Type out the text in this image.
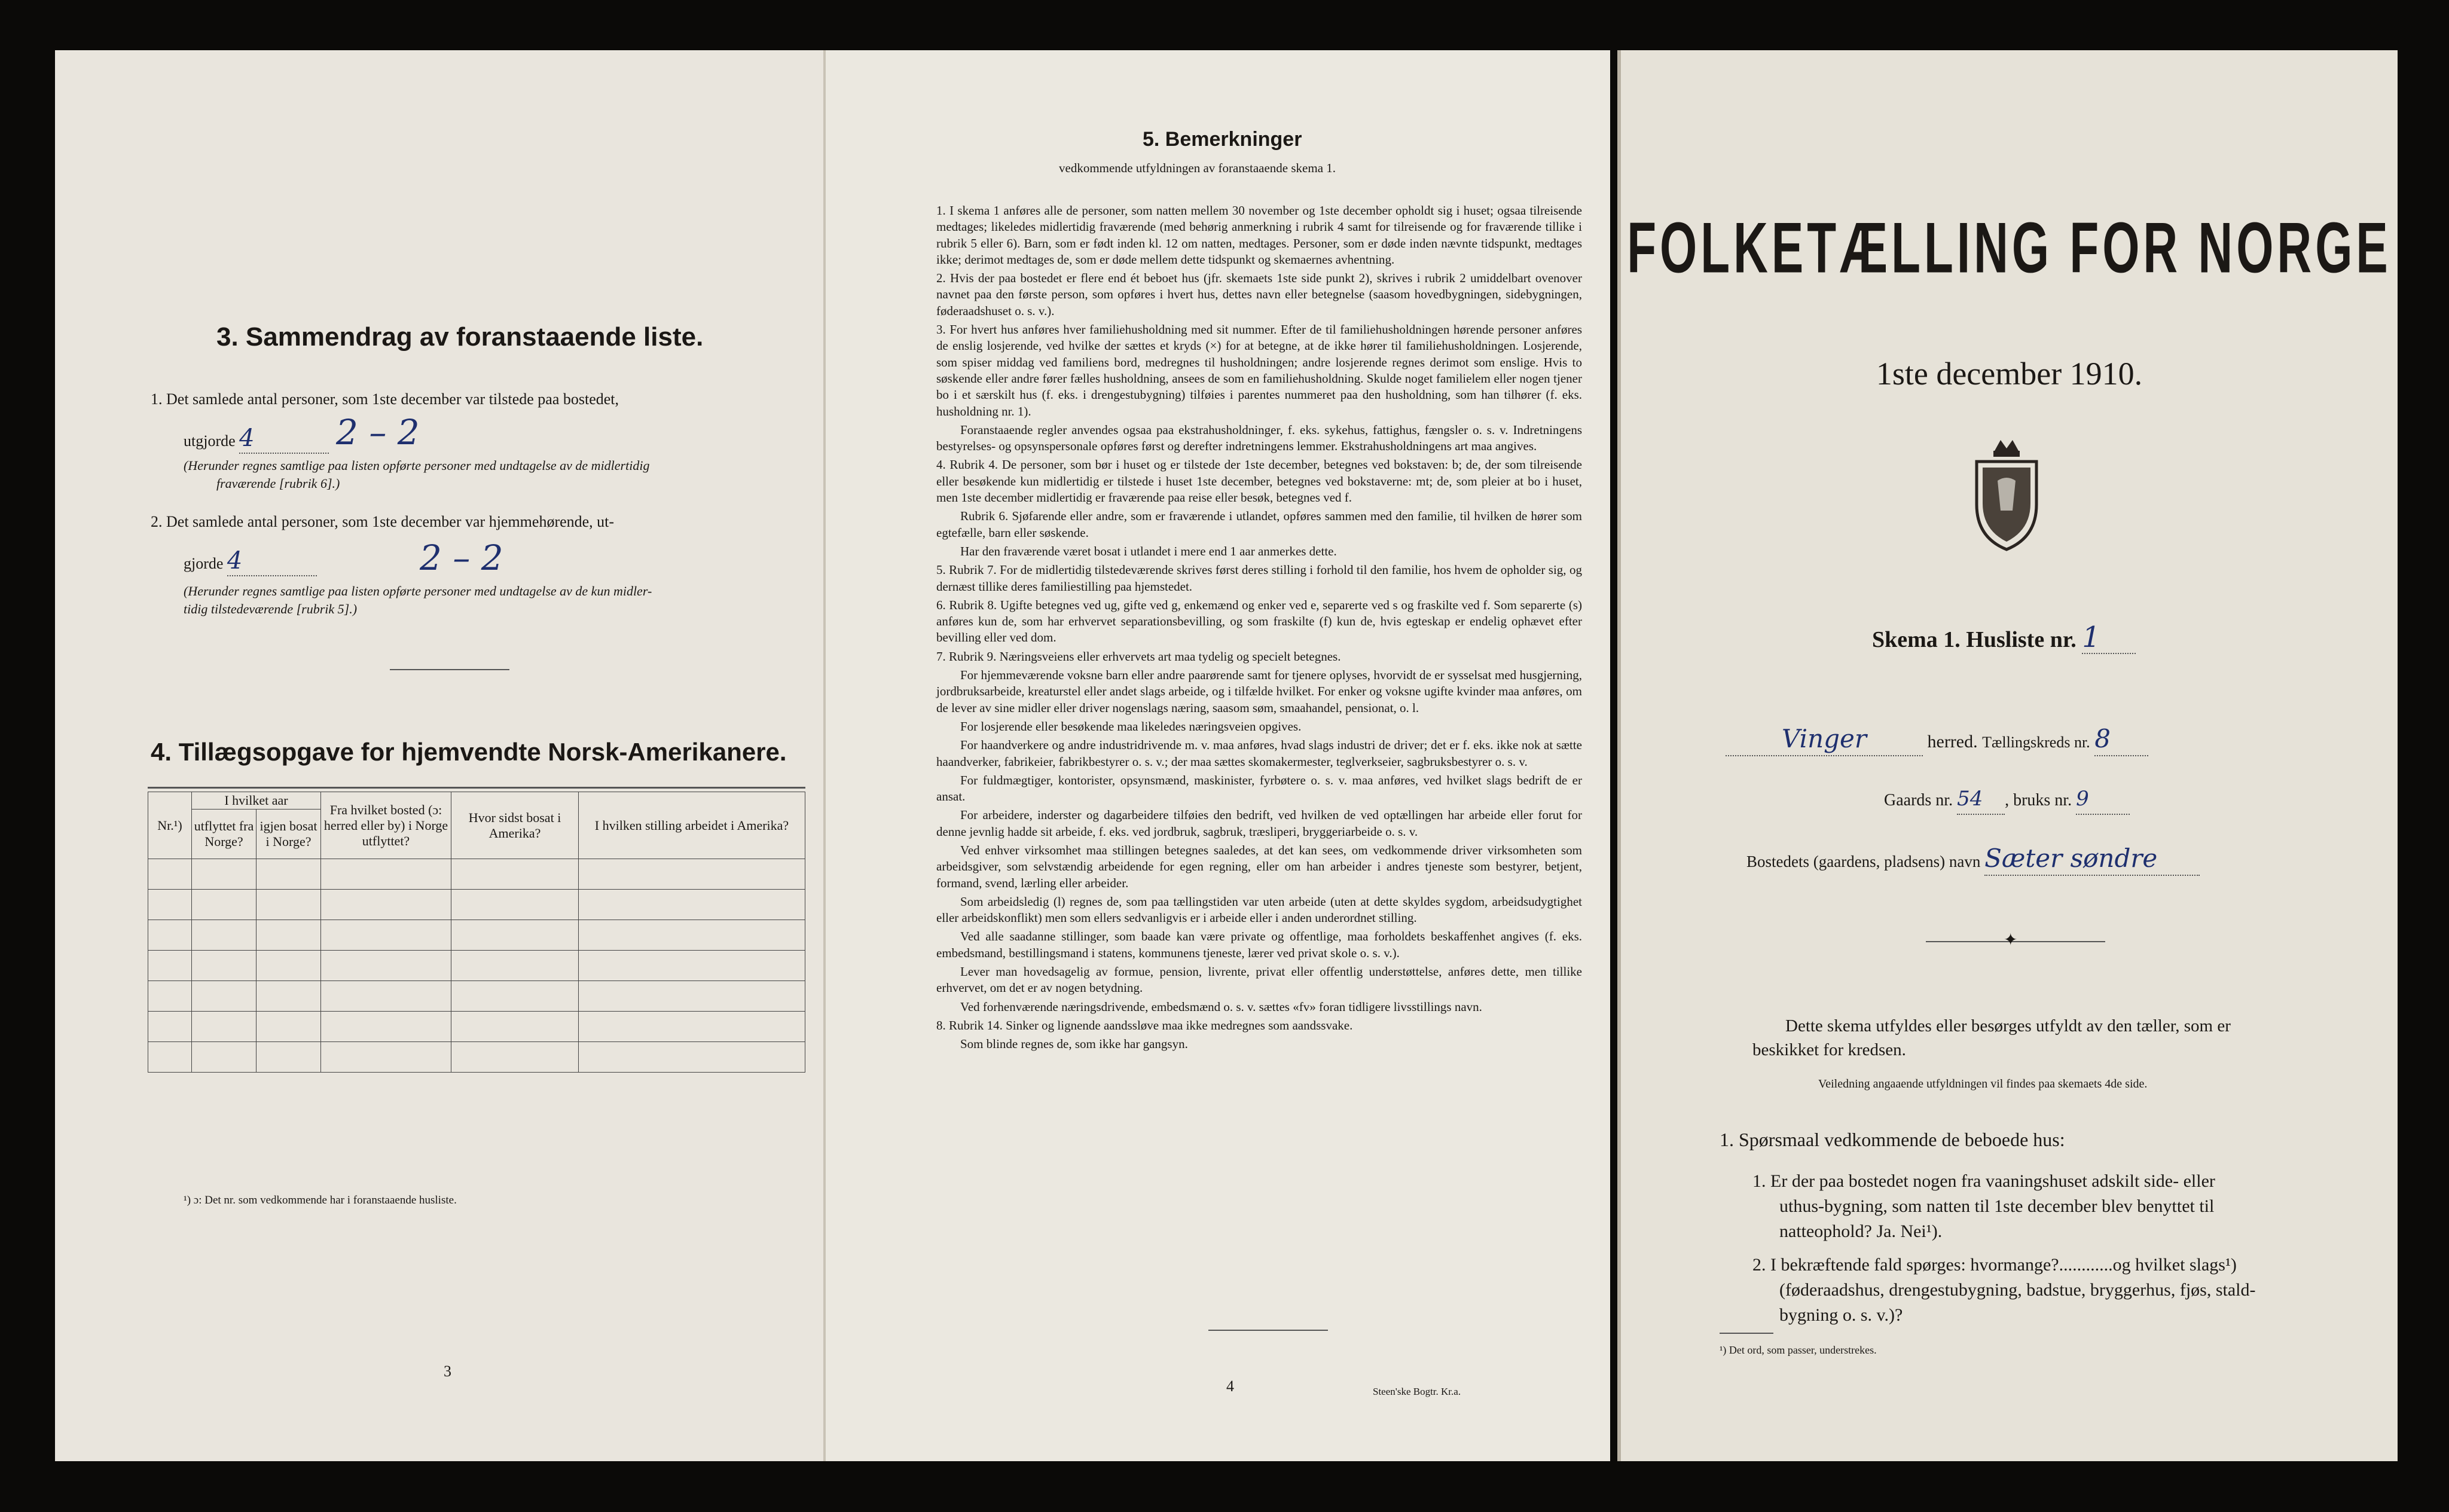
3. Sammendrag av foranstaaende liste.
1. Det samlede antal personer, som 1ste december var tilstede paa bostedet,
utgjorde 4	2 – 2
(Herunder regnes samtlige paa listen opførte personer med undtagelse av de midlertidig
fraværende [rubrik 6].)
2. Det samlede antal personer, som 1ste december var hjemmehørende, ut-
gjorde 4	2 – 2
(Herunder regnes samtlige paa listen opførte personer med undtagelse av de kun midler-
tidig tilstedeværende [rubrik 5].)
4. Tillægsopgave for hjemvendte Norsk-Amerikanere.
Nr.¹)	I hvilket aar		Fra hvilket bosted (ɔ: herred eller by) i Norge utflyttet?	Hvor sidst bosat i Amerika?	I hvilken stilling arbeidet i Amerika?
	utflyttet fra Norge?	igjen bosat i Norge?			

¹) ɔ: Det nr. som vedkommende har i foranstaaende husliste.
3
5. Bemerkninger
vedkommende utfyldningen av foranstaaende skema 1.

1. I skema 1 anføres alle de personer, som natten mellem 30 november og 1ste december opholdt sig i huset; ogsaa tilreisende medtages; likeledes midlertidig fraværende (med behørig anmerkning i rubrik 4 samt for tilreisende og for fraværende tillike i rubrik 5 eller 6). Barn, som er født inden kl. 12 om natten, medtages. Personer, som er døde inden nævnte tidspunkt, medtages ikke; derimot medtages de, som er døde mellem dette tidspunkt og skemaernes avhentning.

2. Hvis der paa bostedet er flere end ét beboet hus (jfr. skemaets 1ste side punkt 2), skrives i rubrik 2 umiddelbart ovenover navnet paa den første person, som opføres i hvert hus, dettes navn eller betegnelse (saasom hovedbygningen, sidebygningen, føderaadshuset o. s. v.).

3. For hvert hus anføres hver familiehusholdning med sit nummer. Efter de til familiehusholdningen hørende personer anføres de enslig losjerende, ved hvilke der sættes et kryds (×) for at betegne, at de ikke hører til familiehusholdningen. Losjerende, som spiser middag ved familiens bord, medregnes til husholdningen; andre losjerende regnes derimot som enslige. Hvis to søskende eller andre fører fælles husholdning, ansees de som en familiehusholdning. Skulde noget familielem eller nogen tjener bo i et særskilt hus (f. eks. i drengestubygning) tilføies i parentes nummeret paa den husholdning, som han tilhører (f. eks. husholdning nr. 1).

Foranstaaende regler anvendes ogsaa paa ekstrahusholdninger, f. eks. sykehus, fattighus, fængsler o. s. v. Indretningens bestyrelses- og opsynspersonale opføres først og derefter indretningens lemmer. Ekstrahusholdningens art maa angives.

4. Rubrik 4. De personer, som bør i huset og er tilstede der 1ste december, betegnes ved bokstaven: b; de, der som tilreisende eller besøkende kun midlertidig er tilstede i huset 1ste december, betegnes ved bokstaverne: mt; de, som pleier at bo i huset, men 1ste december midlertidig er fraværende paa reise eller besøk, betegnes ved f.

Rubrik 6. Sjøfarende eller andre, som er fraværende i utlandet, opføres sammen med den familie, til hvilken de hører som egtefælle, barn eller søskende.

Har den fraværende været bosat i utlandet i mere end 1 aar anmerkes dette.

5. Rubrik 7. For de midlertidig tilstedeværende skrives først deres stilling i forhold til den familie, hos hvem de opholder sig, og dernæst tillike deres familiestilling paa hjemstedet.

6. Rubrik 8. Ugifte betegnes ved ug, gifte ved g, enkemænd og enker ved e, separerte ved s og fraskilte ved f. Som separerte (s) anføres kun de, som har erhvervet separationsbevilling, og som fraskilte (f) kun de, hvis egteskap er endelig ophævet efter bevilling eller ved dom.

7. Rubrik 9. Næringsveiens eller erhvervets art maa tydelig og specielt betegnes.

For hjemmeværende voksne barn eller andre paarørende samt for tjenere oplyses, hvorvidt de er sysselsat med husgjerning, jordbruksarbeide, kreaturstel eller andet slags arbeide, og i tilfælde hvilket. For enker og voksne ugifte kvinder maa anføres, om de lever av sine midler eller driver nogenslags næring, saasom søm, smaahandel, pensionat, o. l.

For losjerende eller besøkende maa likeledes næringsveien opgives.

For haandverkere og andre industridrivende m. v. maa anføres, hvad slags industri de driver; det er f. eks. ikke nok at sætte haandverker, fabrikeier, fabrikbestyrer o. s. v.; der maa sættes skomakermester, teglverkseier, sagbruksbestyrer o. s. v.

For fuldmægtiger, kontorister, opsynsmænd, maskinister, fyrbøtere o. s. v. maa anføres, ved hvilket slags bedrift de er ansat.

For arbeidere, inderster og dagarbeidere tilføies den bedrift, ved hvilken de ved optællingen har arbeide eller forut for denne jevnlig hadde sit arbeide, f. eks. ved jordbruk, sagbruk, træsliperi, bryggeriarbeide o. s. v.

Ved enhver virksomhet maa stillingen betegnes saaledes, at det kan sees, om vedkommende driver virksomheten som arbeidsgiver, som selvstændig arbeidende for egen regning, eller om han arbeider i andres tjeneste som bestyrer, betjent, formand, svend, lærling eller arbeider.

Som arbeidsledig (l) regnes de, som paa tællingstiden var uten arbeide (uten at dette skyldes sygdom, arbeidsudygtighet eller arbeidskonflikt) men som ellers sedvanligvis er i arbeide eller i anden underordnet stilling.

Ved alle saadanne stillinger, som baade kan være private og offentlige, maa forholdets beskaffenhet angives (f. eks. embedsmand, bestillingsmand i statens, kommunens tjeneste, lærer ved privat skole o. s. v.).

Lever man hovedsagelig av formue, pension, livrente, privat eller offentlig understøttelse, anføres dette, men tillike erhvervet, om det er av nogen betydning.

Ved forhenværende næringsdrivende, embedsmænd o. s. v. sættes «fv» foran tidligere livsstillings navn.

8. Rubrik 14. Sinker og lignende aandssløve maa ikke medregnes som aandssvake.

Som blinde regnes de, som ikke har gangsyn.

4	Steen'ske Bogtr. Kr.a.
FOLKETÆLLING FOR NORGE
1ste december 1910.
Skema 1. Husliste nr. 1
Vinger	herred. Tællingskreds nr. 8
Gaards nr. 54 , bruks nr. 9
Bostedets (gaardens, pladsens) navn Sæter søndre
✦
Dette skema utfyldes eller besørges utfyldt av den tæller, som er
beskikket for kredsen.
Veiledning angaaende utfyldningen vil findes paa skemaets 4de side.
1. Spørsmaal vedkommende de beboede hus:
1. Er der paa bostedet nogen fra vaaningshuset adskilt side- eller
uthus-bygning, som natten til 1ste december blev benyttet til
natteophold? Ja. Nei¹).
2. I bekræftende fald spørges: hvormange?............og hvilket slags¹)
(føderaadshus, drengestubygning, badstue, bryggerhus, fjøs, stald-
bygning o. s. v.)?
¹) Det ord, som passer, understrekes.
